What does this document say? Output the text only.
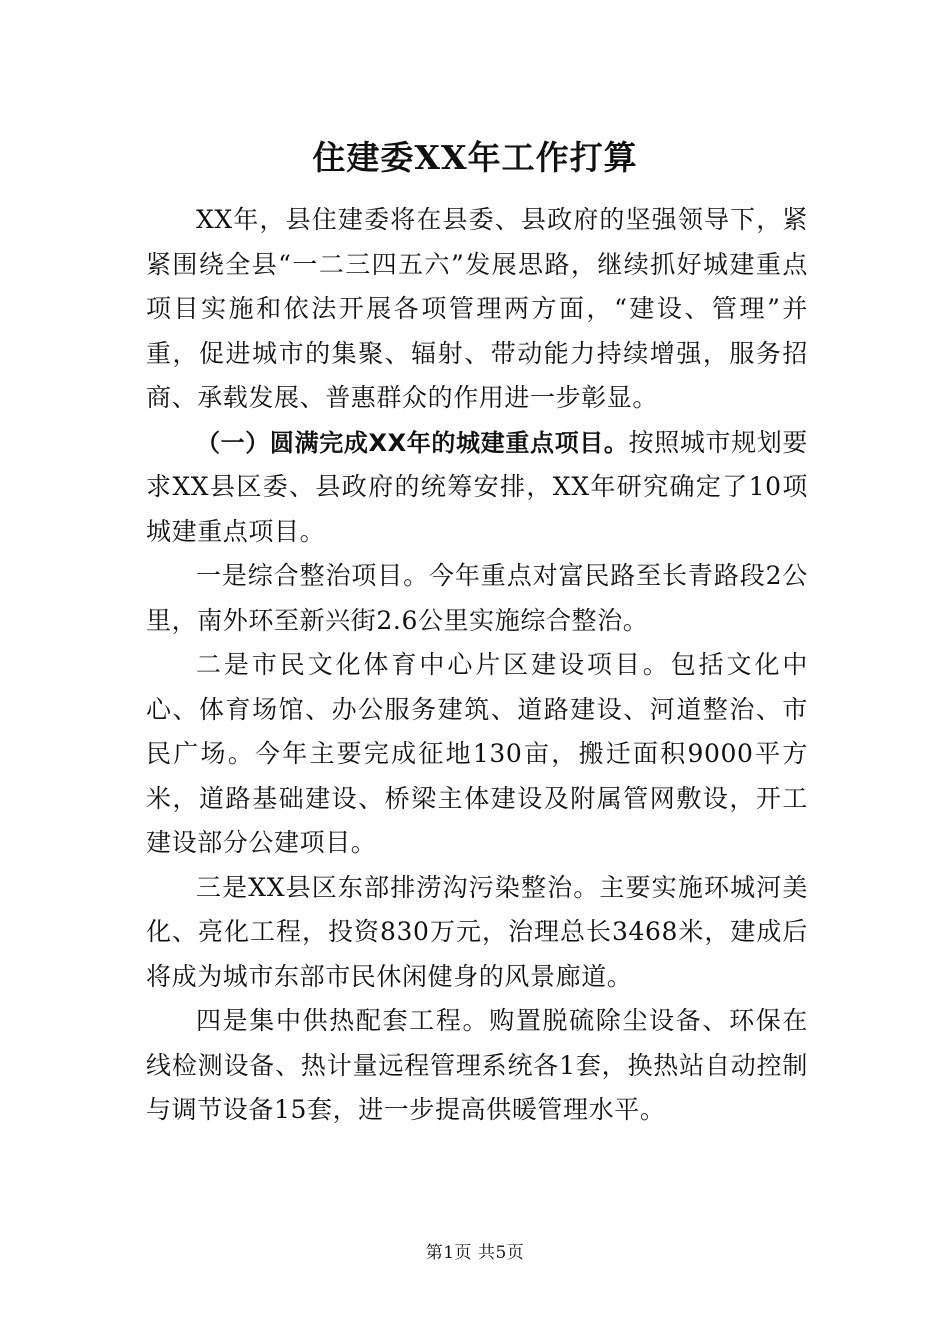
住建委XX年工作打算

XX年，县住建委将在县委、县政府的坚强领导下，紧紧围绕全县“一二三四五六”发展思路，继续抓好城建重点项目实施和依法开展各项管理两方面，“建设、管理”并重，促进城市的集聚、辐射、带动能力持续增强，服务招商、承载发展、普惠群众的作用进一步彰显。

（一）圆满完成XX年的城建重点项目。按照城市规划要求XX县区委、县政府的统筹安排，XX年研究确定了10项城建重点项目。

一是综合整治项目。今年重点对富民路至长青路段2公里，南外环至新兴街2.6公里实施综合整治。

二是市民文化体育中心片区建设项目。包括文化中心、体育场馆、办公服务建筑、道路建设、河道整治、市民广场。今年主要完成征地130亩，搬迁面积9000平方米，道路基础建设、桥梁主体建设及附属管网敷设，开工建设部分公建项目。

三是XX县区东部排涝沟污染整治。主要实施环城河美化、亮化工程，投资830万元，治理总长3468米，建成后将成为城市东部市民休闲健身的风景廊道。

四是集中供热配套工程。购置脱硫除尘设备、环保在线检测设备、热计量远程管理系统各1套，换热站自动控制与调节设备15套，进一步提高供暖管理水平。

第1页 共5页
